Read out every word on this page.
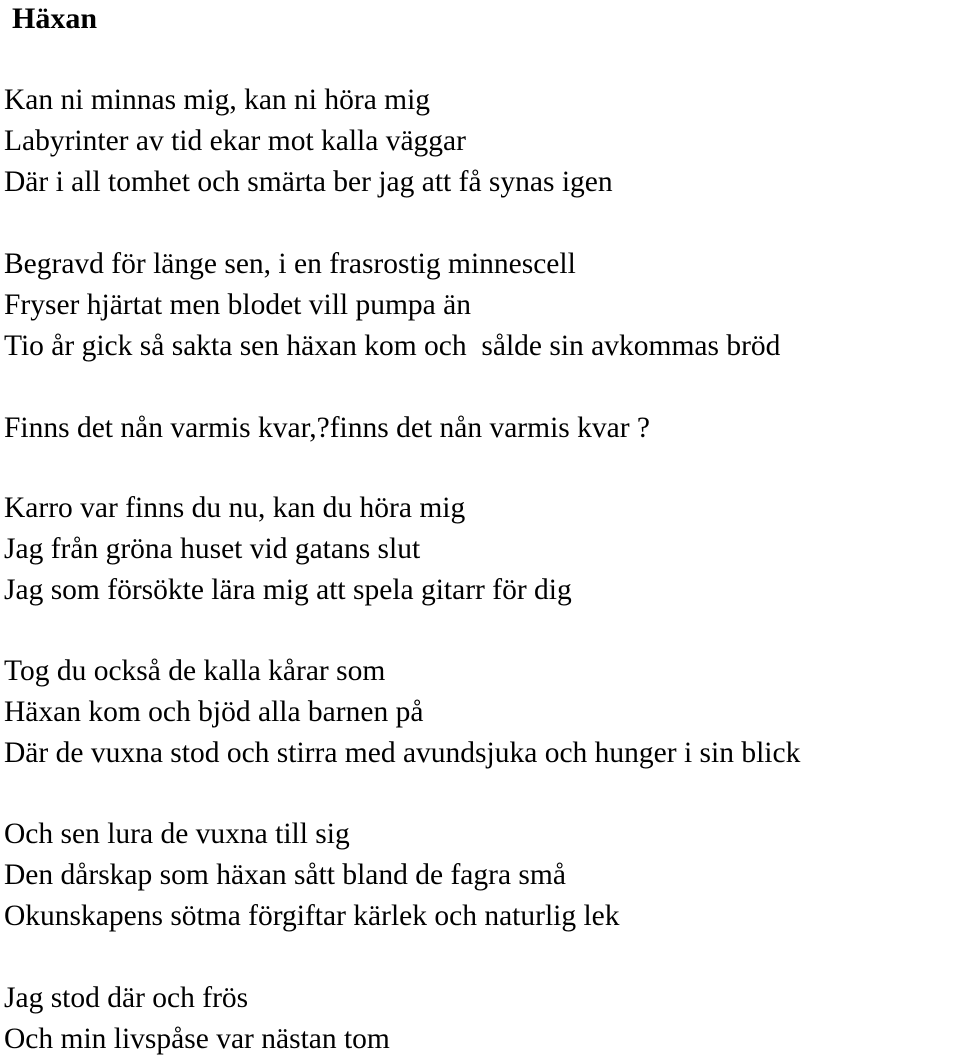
Häxan
Kan ni minnas mig, kan ni höra mig
Labyrinter av tid ekar mot kalla väggar
Där i all tomhet och smärta ber jag att få synas igen
Begravd för länge sen, i en frasrostig minnescell
Fryser hjärtat men blodet vill pumpa än
Tio år gick så sakta sen häxan kom och  sålde sin avkommas bröd
Finns det nån varmis kvar,?finns det nån varmis kvar ?
Karro var finns du nu, kan du höra mig
Jag från gröna huset vid gatans slut
Jag som försökte lära mig att spela gitarr för dig
Tog du också de kalla kårar som
Häxan kom och bjöd alla barnen på
Där de vuxna stod och stirra med avundsjuka och hunger i sin blick
Och sen lura de vuxna till sig
Den dårskap som häxan sått bland de fagra små
Okunskapens sötma förgiftar kärlek och naturlig lek
Jag stod där och frös
Och min livspåse var nästan tom
